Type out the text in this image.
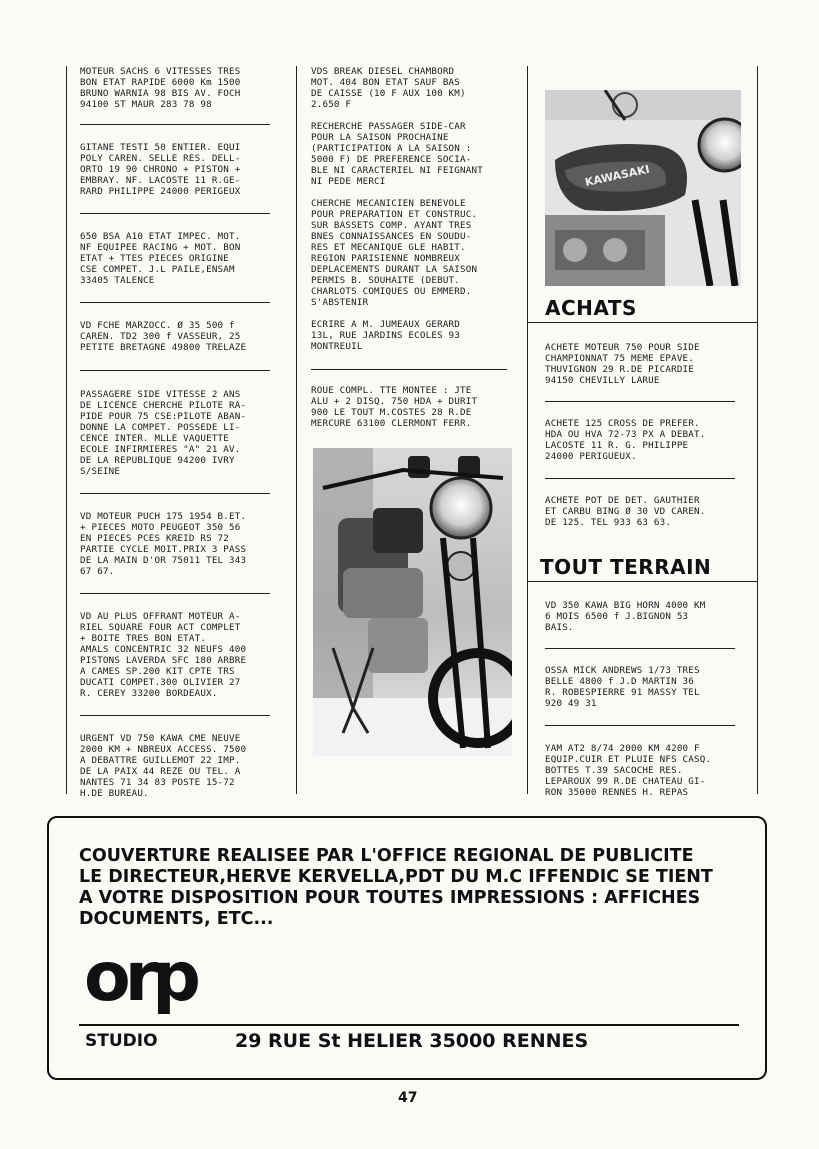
MOTEUR SACHS 6 VITESSES TRES
BON ETAT RAPIDE 6000 Km 1500
BRUNO WARNIA 98 BIS AV. FOCH
94100 ST MAUR 283 78 98
GITANE TESTI 50 ENTIER. EQUI
POLY CAREN. SELLE RES. DELL-
ORTO 19 90 CHRONO + PISTON +
EMBRAY. NF. LACOSTE 11 R.GE-
RARD PHILIPPE 24000 PERIGEUX
650 BSA A10 ETAT IMPEC. MOT.
NF EQUIPEE RACING + MOT. BON
ETAT + TTES PIECES ORIGINE
CSE COMPET. J.L PAILE,ENSAM
33405 TALENCE
VD FCHE MARZOCC. Ø 35 500 f
CAREN. TD2 300 f VASSEUR, 25
PETITE BRETAGNE 49800 TRELAZE
PASSAGERE SIDE VITESSE 2 ANS
DE LICENCE CHERCHE PILOTE RA-
PIDE POUR 75 CSE:PILOTE ABAN-
DONNE LA COMPET. POSSEDE LI-
CENCE INTER. MLLE VAQUETTE
ECOLE INFIRMIERES "A" 21 AV.
DE LA REPUBLIQUE 94200 IVRY
S/SEINE
VD MOTEUR PUCH 175 1954 B.ET.
+ PIECES MOTO PEUGEOT 350 56
EN PIECES PCES KREID RS 72
PARTIE CYCLE MOIT.PRIX 3 PASS
DE LA MAIN D'OR 75011 TEL 343
67 67.
VD AU PLUS OFFRANT MOTEUR A-
RIEL SQUARE FOUR ACT COMPLET
+ BOITE TRES BON ETAT.
AMALS CONCENTRIC 32 NEUFS 400
PISTONS LAVERDA SFC 180 ARBRE
A CAMES SP.200 KIT CPTE TRS
DUCATI COMPET.300 OLIVIER 27
R. CEREY 33200 BORDEAUX.
URGENT VD 750 KAWA CME NEUVE
2000 KM + NBREUX ACCESS. 7500
A DEBATTRE GUILLEMOT 22 IMP.
DE LA PAIX 44 REZE OU TEL. A
NANTES 71 34 83 POSTE 15-72
H.DE BUREAU.
VDS BREAK DIESEL CHAMBORD
MOT. 404 BON ETAT SAUF BAS
DE CAISSE (10 F AUX 100 KM)
2.650 F
RECHERCHE PASSAGER SIDE-CAR
POUR LA SAISON PROCHAINE
(PARTICIPATION A LA SAISON :
5000 F) DE PREFERENCE SOCIA-
BLE NI CARACTERIEL NI FEIGNANT
NI PEDE MERCI
CHERCHE MECANICIEN BENEVOLE
POUR PREPARATION ET CONSTRUC.
SUR BASSETS COMP. AYANT TRES
BNES CONNAISSANCES EN SOUDU-
RES ET MECANIQUE GLE HABIT.
REGION PARISIENNE NOMBREUX
DEPLACEMENTS DURANT LA SAISON
PERMIS B. SOUHAITE (DEBUT.
CHARLOTS COMIQUES OU EMMERD.
S'ABSTENIR
ECRIRE A M. JUMEAUX GERARD
13L, RUE JARDINS ECOLES 93
MONTREUIL
ROUE COMPL. TTE MONTEE : JTE
ALU + 2 DISQ. 750 HDA + DURIT
900 LE TOUT M.COSTES 28 R.DE
MERCURE 63100 CLERMONT FERR.
KAWASAKI
ACHATS
ACHETE MOTEUR 750 POUR SIDE
CHAMPIONNAT 75 MEME EPAVE.
THUVIGNON 29 R.DE PICARDIE
94150 CHEVILLY LARUE
ACHETE 125 CROSS DE PREFER.
HDA OU HVA 72-73 PX A DEBAT.
LACOSTE 11 R. G. PHILIPPE
24000 PERIGUEUX.
ACHETE POT DE DET. GAUTHIER
ET CARBU BING Ø 30 VD CAREN.
DE 125. TEL 933 63 63.
TOUT TERRAIN
VD 350 KAWA BIG HORN 4000 KM
6 MOIS 6500 f J.BIGNON 53
BAIS.
OSSA MICK ANDREWS 1/73 TRES
BELLE 4800 f J.D MARTIN 36
R. ROBESPIERRE 91 MASSY TEL
920 49 31
YAM AT2 8/74 2000 KM 4200 F
EQUIP.CUIR ET PLUIE NFS CASQ.
BOTTES T.39 SACOCHE RES.
LEPAROUX 99 R.DE CHATEAU GI-
RON 35000 RENNES H. REPAS

COUVERTURE REALISEE PAR L'OFFICE REGIONAL DE PUBLICITE
LE DIRECTEUR,HERVE KERVELLA,PDT DU M.C IFFENDIC SE TIENT
A VOTRE DISPOSITION POUR TOUTES IMPRESSIONS : AFFICHES
DOCUMENTS, ETC...

orp
STUDIO	29 RUE St HELIER 35000 RENNES
47
